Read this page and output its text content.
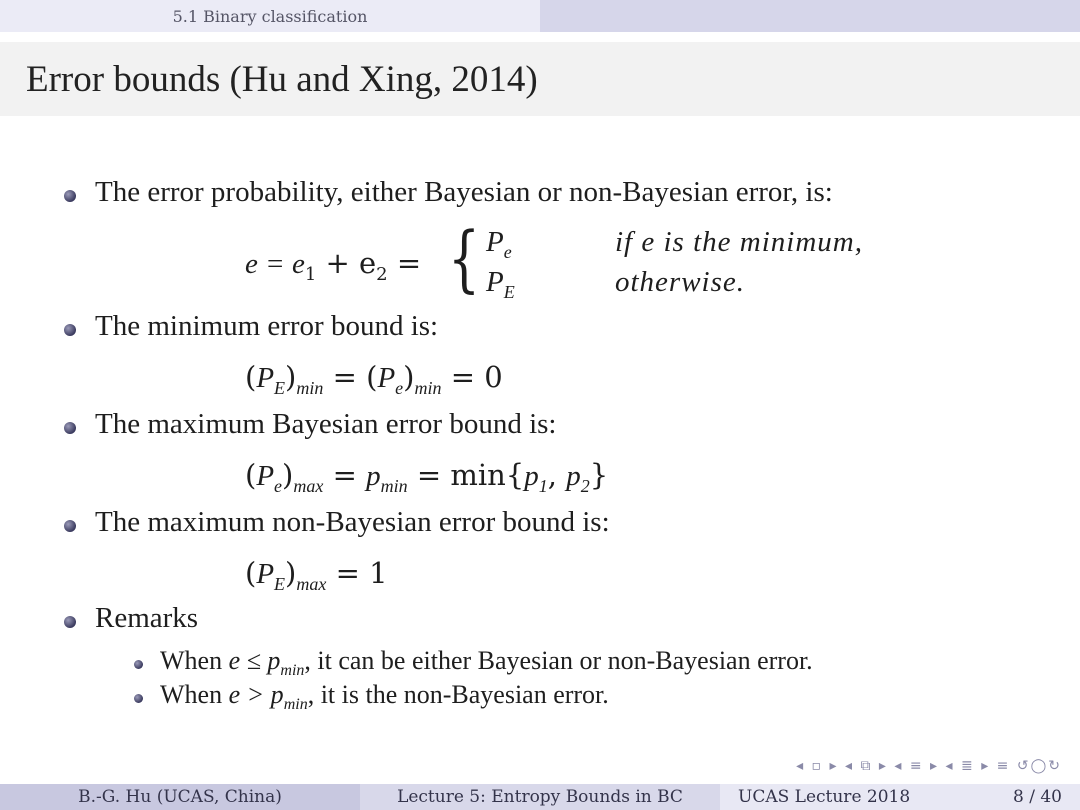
5.1 Binary classification
Error bounds (Hu and Xing, 2014)
The error probability, either Bayesian or non-Bayesian error, is:
$e = e_1 + e_2$ = { $P_e$	if e is the minimum,
$P_E$	otherwise.
The minimum error bound is:
$(P_E)_{min} = (P_e)_{min} = 0$
The maximum Bayesian error bound is:
$(P_e)_{max} = p_{min} = \min\{p_1$, $p_2$}
The maximum non-Bayesian error bound is:
$(P_E)_{max} = 1$
Remarks
When $e \le p_{min}$, it can be either Bayesian or non-Bayesian error.
When $e > p_{min}$, it is the non-Bayesian error.
◂ ▫ ▸ ◂ ⧉ ▸ ◂ ≡ ▸ ◂ ≣ ▸ ≡ ↺◯↻
B.-G. Hu (UCAS, China)	Lecture 5: Entropy Bounds in BC	UCAS Lecture 2018	8 / 40
